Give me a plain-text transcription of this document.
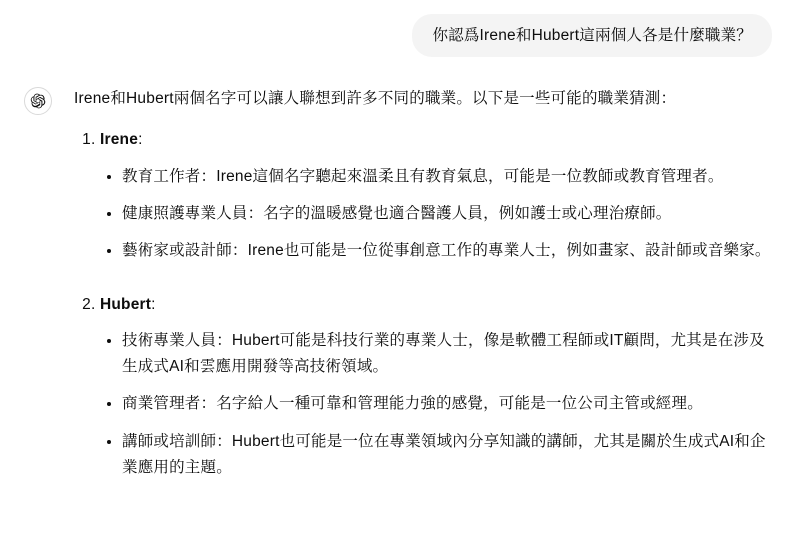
你認爲Irene和Hubert這兩個人各是什麼職業？

Irene和Hubert兩個名字可以讓人聯想到許多不同的職業。以下是一些可能的職業猜測：

1. Irene:
• 教育工作者：Irene這個名字聽起來溫柔且有教育氣息，可能是一位教師或教育管理者。
• 健康照護專業人員：名字的溫暖感覺也適合醫護人員，例如護士或心理治療師。
• 藝術家或設計師：Irene也可能是一位從事創意工作的專業人士，例如畫家、設計師或音樂家。
2. Hubert:
• 技術專業人員：Hubert可能是科技行業的專業人士，像是軟體工程師或IT顧問，尤其是在涉及生成式AI和雲應用開發等高技術領域。
• 商業管理者：名字給人一種可靠和管理能力強的感覺，可能是一位公司主管或經理。
• 講師或培訓師：Hubert也可能是一位在專業領域內分享知識的講師，尤其是關於生成式AI和企業應用的主題。
